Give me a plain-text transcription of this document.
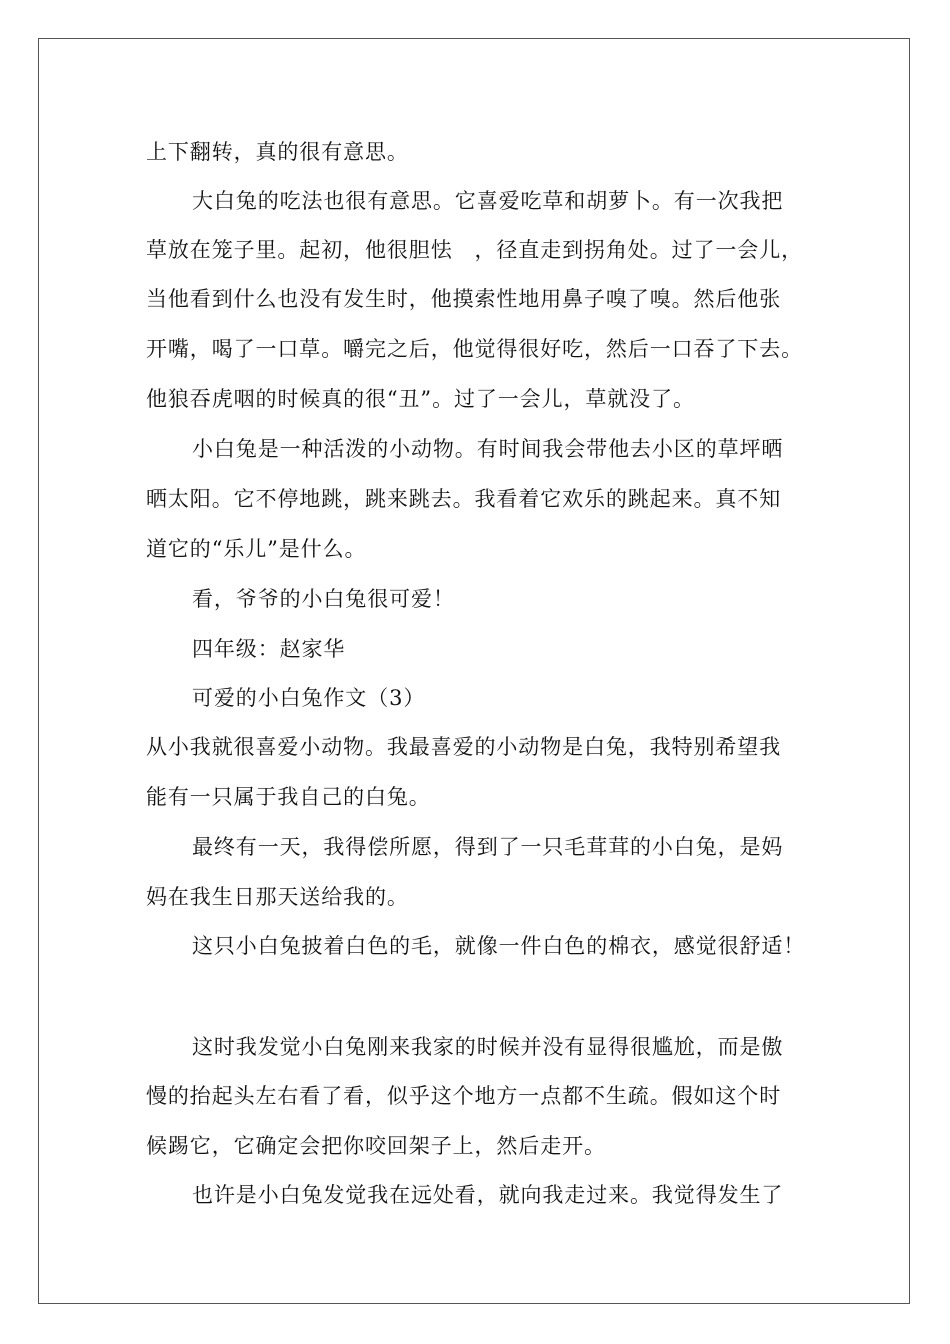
上下翻转，真的很有意思。
大白兔的吃法也很有意思。它喜爱吃草和胡萝卜。有一次我把
草放在笼子里。起初，他很胆怯　，径直走到拐角处。过了一会儿，
当他看到什么也没有发生时，他摸索性地用鼻子嗅了嗅。然后他张
开嘴，喝了一口草。嚼完之后，他觉得很好吃，然后一口吞了下去。
他狼吞虎咽的时候真的很“丑”。过了一会儿，草就没了。
小白兔是一种活泼的小动物。有时间我会带他去小区的草坪晒
晒太阳。它不停地跳，跳来跳去。我看着它欢乐的跳起来。真不知
道它的“乐儿”是什么。
看，爷爷的小白兔很可爱！
四年级：赵家华
可爱的小白兔作文（3）
从小我就很喜爱小动物。我最喜爱的小动物是白兔，我特别希望我
能有一只属于我自己的白兔。
最终有一天，我得偿所愿，得到了一只毛茸茸的小白兔，是妈
妈在我生日那天送给我的。
这只小白兔披着白色的毛，就像一件白色的棉衣，感觉很舒适！
这时我发觉小白兔刚来我家的时候并没有显得很尴尬，而是傲
慢的抬起头左右看了看，似乎这个地方一点都不生疏。假如这个时
候踢它，它确定会把你咬回架子上，然后走开。
也许是小白兔发觉我在远处看，就向我走过来。我觉得发生了
